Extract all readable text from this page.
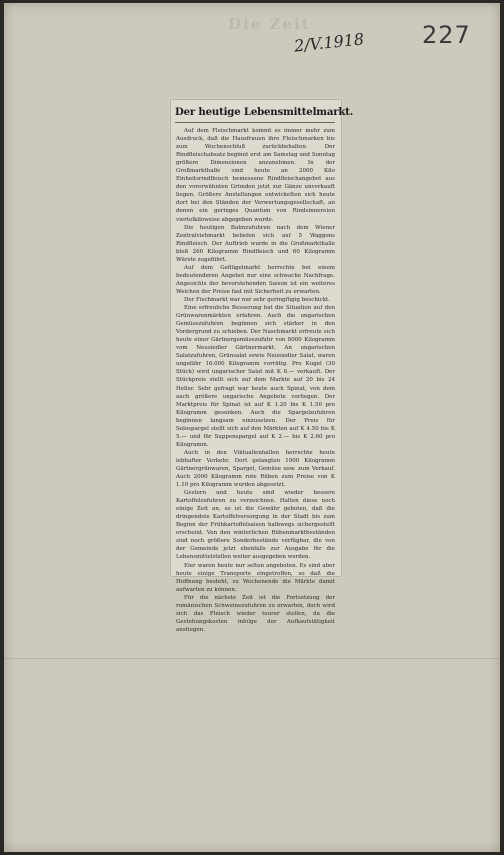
Die Zeit
2/V.1918 227
Der heutige Lebensmittelmarkt.

Auf dem Fleischmarkt kommt es immer mehr zum Ausdruck, daß die Hausfrauen ihre Fleischmarken bis zum Wochenschluß zurückbehalten. Der Rindfleischabsatz beginnt erst am Samstag und Sonntag größere Dimensionen anzunehmen. In der Großmarkthalle sind heute an 2000 Kilo Einheitsrindfleisch bemessene Rindfleischangebot aus den vorerwähnten Gründen jetzt zur Gänze unverkauft liegen. Größere Anstellungen entwickelten sich heute dort bei den Ständen der Verwertungsgesellschaft, an denen ein geringes Quantum von Rindsinnereien viertelkiloweise abgegeben wurde.

Die heutigen Bahnzufuhren nach dem Wiener Zentralviehmarkt beliefen sich auf 5 Waggons Rindfleisch. Der Auftrieb wurde in die Großmarkthalle bloß 260 Kilogramm Rindfleisch und 60 Kilogramm Würste zugeführt.

Auf dem Geflügelmarkt herrschte bei einem bedeutenderen Angebot nur eine schwache Nachfrage. Angesichts der bevorstehenden Saison ist ein weiteres Weichen der Preise fast mit Sicherheit zu erwarten.

Der Fischmarkt war nur sehr geringfügig beschickt.

Eine erfreuliche Besserung hat die Situation auf den Grünwarenmärkten erfahren. Auch die ungarischen Gemüsezufuhren beginnen sich stärker in den Vordergrund zu schieben. Der Naschmarkt erfreute sich heute einer Gärtnergemüsezufuhr von 8000 Kilogramm vom Neusiedler Gärtnermarkt. An ungarischen Salatzufuhren, Grünsalat sowie Neusiedler Salat, waren ungefähr 16.000 Kilogramm vorrätig. Pro Kugel (30 Stück) wird ungarischer Salat mit K 6.— verkauft. Der Stückpreis stellt sich auf dem Markte auf 20 bis 24 Heller. Sehr gefragt war heute auch Spinat, von dem auch größere ungarische Angebote vorliegen. Der Marktpreis für Spinat ist auf K 1.20 bis K 1.50 pro Kilogramm gesunken. Auch die Spargelzufuhren beginnen langsam einzusetzen. Der Preis für Solospargel stellt sich auf den Märkten auf K 4.50 bis K 5.— und für Suppenspargel auf K 2.— bis K 2.60 pro Kilogramm.

Auch in den Viktualienhallen herrschte heute lebhafter Verkehr. Dort gelangten 1900 Kilogramm Gärtnergrünwaren, Spargel, Gemüse usw. zum Verkauf. Auch 2000 Kilogramm rote Rüben zum Preise von K 1.10 pro Kilogramm wurden abgesetzt.

Gestern und heute sind wieder bessere Kartoffelzufuhren zu verzeichnen. Halten diese noch einige Zeit an, so ist die Gewähr geboten, daß die dringendste Kartoffelversorgung in der Stadt bis zum Beginn der Frühkartoffelsaison halbwegs sichergestellt erscheint. Von den winterlichen Rübenmarktbeständen sind noch größere Sonderbestände verfügbar, die von der Gemeinde jetzt ebenfalls zur Ausgabe für die Lebensmittelstellen weiter ausgegeben werden.

Eier waren heute nur selten angeboten. Es sind aber heute einige Transporte eingetroffen, so daß die Hoffnung besteht, zu Wochenende die Märkte damit aufwarten zu können.

Für die nächste Zeit ist die Fortsetzung der rumänischen Schweinezufuhren zu erwarten, doch wird sich das Fleisch wieder teurer stellen, da die Gestehungskosten infolge der Aufkaufstätigkeit anstiegen.
